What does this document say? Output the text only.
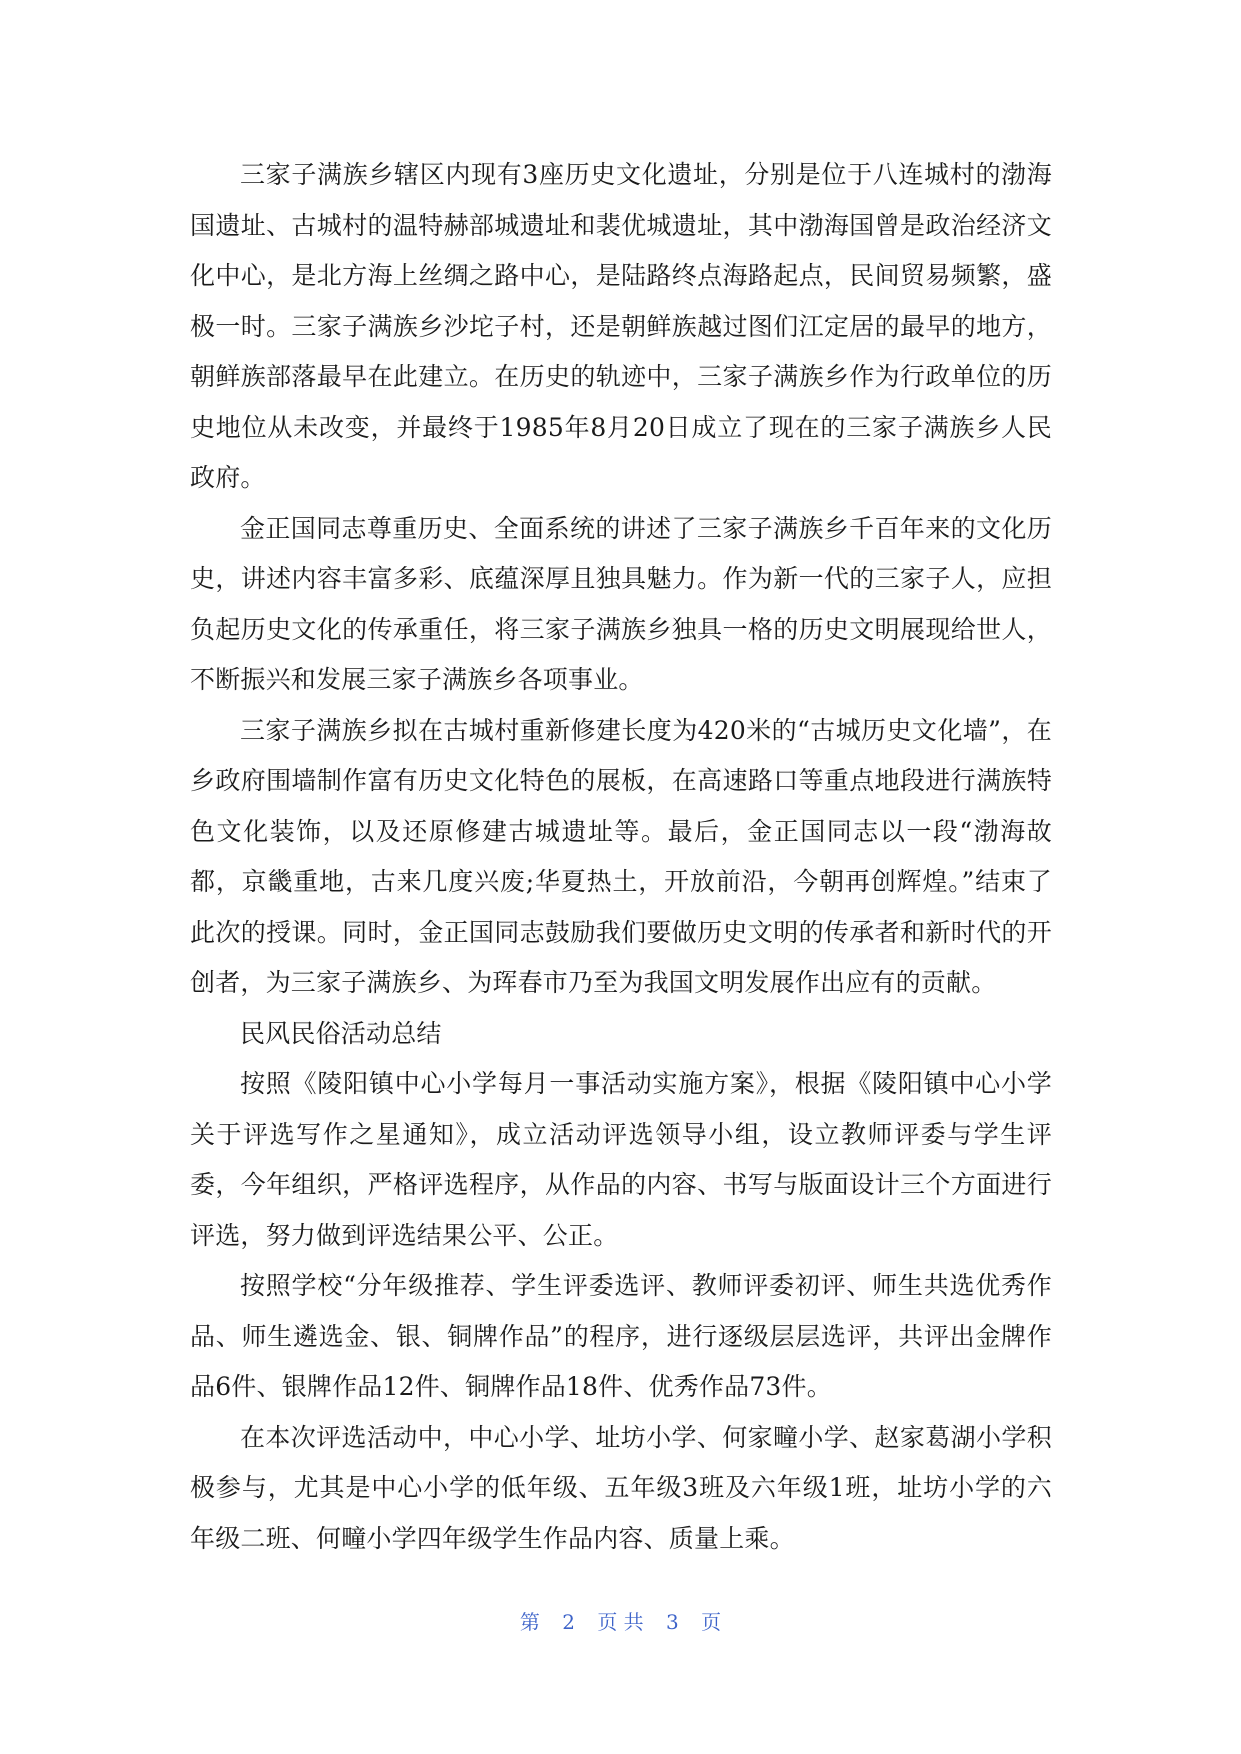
三家子满族乡辖区内现有3座历史文化遗址，分别是位于八连城村的渤海国遗址、古城村的温特赫部城遗址和裴优城遗址，其中渤海国曾是政治经济文化中心，是北方海上丝绸之路中心，是陆路终点海路起点，民间贸易频繁，盛极一时。三家子满族乡沙坨子村，还是朝鲜族越过图们江定居的最早的地方，朝鲜族部落最早在此建立。在历史的轨迹中，三家子满族乡作为行政单位的历史地位从未改变，并最终于1985年8月20日成立了现在的三家子满族乡人民政府。

金正国同志尊重历史、全面系统的讲述了三家子满族乡千百年来的文化历史，讲述内容丰富多彩、底蕴深厚且独具魅力。作为新一代的三家子人，应担负起历史文化的传承重任，将三家子满族乡独具一格的历史文明展现给世人，不断振兴和发展三家子满族乡各项事业。

三家子满族乡拟在古城村重新修建长度为420米的“古城历史文化墙”，在乡政府围墙制作富有历史文化特色的展板，在高速路口等重点地段进行满族特色文化装饰，以及还原修建古城遗址等。最后，金正国同志以一段“渤海故都，京畿重地，古来几度兴废;华夏热土，开放前沿，今朝再创辉煌。”结束了此次的授课。同时，金正国同志鼓励我们要做历史文明的传承者和新时代的开创者，为三家子满族乡、为珲春市乃至为我国文明发展作出应有的贡献。

民风民俗活动总结

按照《陵阳镇中心小学每月一事活动实施方案》，根据《陵阳镇中心小学关于评选写作之星通知》，成立活动评选领导小组，设立教师评委与学生评委，今年组织，严格评选程序，从作品的内容、书写与版面设计三个方面进行评选，努力做到评选结果公平、公正。

按照学校“分年级推荐、学生评委选评、教师评委初评、师生共选优秀作品、师生遴选金、银、铜牌作品”的程序，进行逐级层层选评，共评出金牌作品6件、银牌作品12件、铜牌作品18件、优秀作品73件。

在本次评选活动中，中心小学、址坊小学、何家疃小学、赵家葛湖小学积极参与，尤其是中心小学的低年级、五年级3班及六年级1班，址坊小学的六年级二班、何疃小学四年级学生作品内容、质量上乘。

第 2 页 共 3 页
